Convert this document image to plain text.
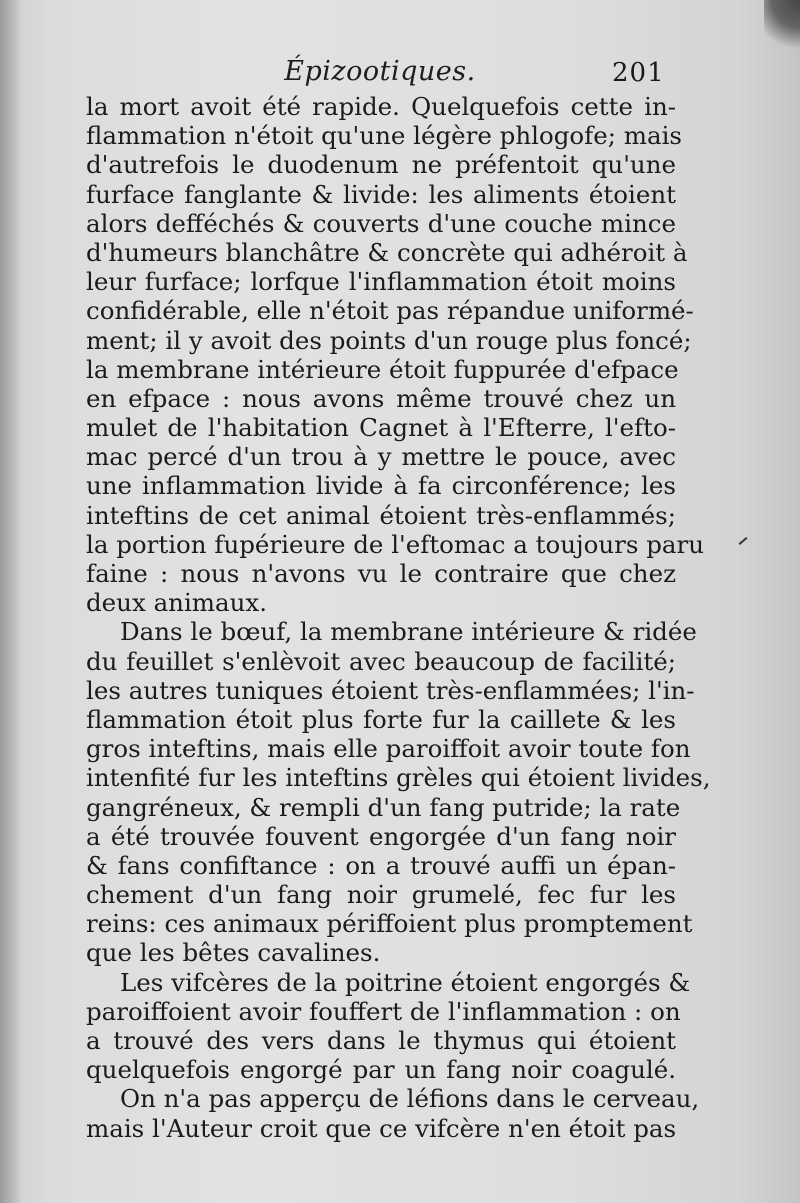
Épizootiques.	201
la mort avoit été rapide. Quelquefois cette in-
flammation n'étoit qu'une légère phlogofe; mais
d'autrefois le duodenum ne préfentoit qu'une
furface fanglante & livide: les aliments étoient
alors defféchés & couverts d'une couche mince
d'humeurs blanchâtre & concrète qui adhéroit à
leur furface; lorfque l'inflammation étoit moins
confidérable, elle n'étoit pas répandue uniformé-
ment; il y avoit des points d'un rouge plus foncé;
la membrane intérieure étoit fuppurée d'efpace
en efpace : nous avons même trouvé chez un
mulet de l'habitation Cagnet à l'Efterre, l'efto-
mac percé d'un trou à y mettre le pouce, avec
une inflammation livide à fa circonférence; les
inteftins de cet animal étoient très-enflammés;
la portion fupérieure de l'eftomac a toujours paru
faine : nous n'avons vu le contraire que chez
deux animaux.
Dans le bœuf, la membrane intérieure & ridée
du feuillet s'enlèvoit avec beaucoup de facilité;
les autres tuniques étoient très-enflammées; l'in-
flammation étoit plus forte fur la caillete & les
gros inteftins, mais elle paroiffoit avoir toute fon
intenfité fur les inteftins grèles qui étoient livides,
gangréneux, & rempli d'un fang putride; la rate
a été trouvée fouvent engorgée d'un fang noir
& fans confiftance : on a trouvé auffi un épan-
chement d'un fang noir grumelé, fec fur les
reins: ces animaux périffoient plus promptement
que les bêtes cavalines.
Les vifcères de la poitrine étoient engorgés &
paroiffoient avoir fouffert de l'inflammation : on
a trouvé des vers dans le thymus qui étoient
quelquefois engorgé par un fang noir coagulé.
On n'a pas apperçu de léfions dans le cerveau,
mais l'Auteur croit que ce vifcère n'en étoit pas
